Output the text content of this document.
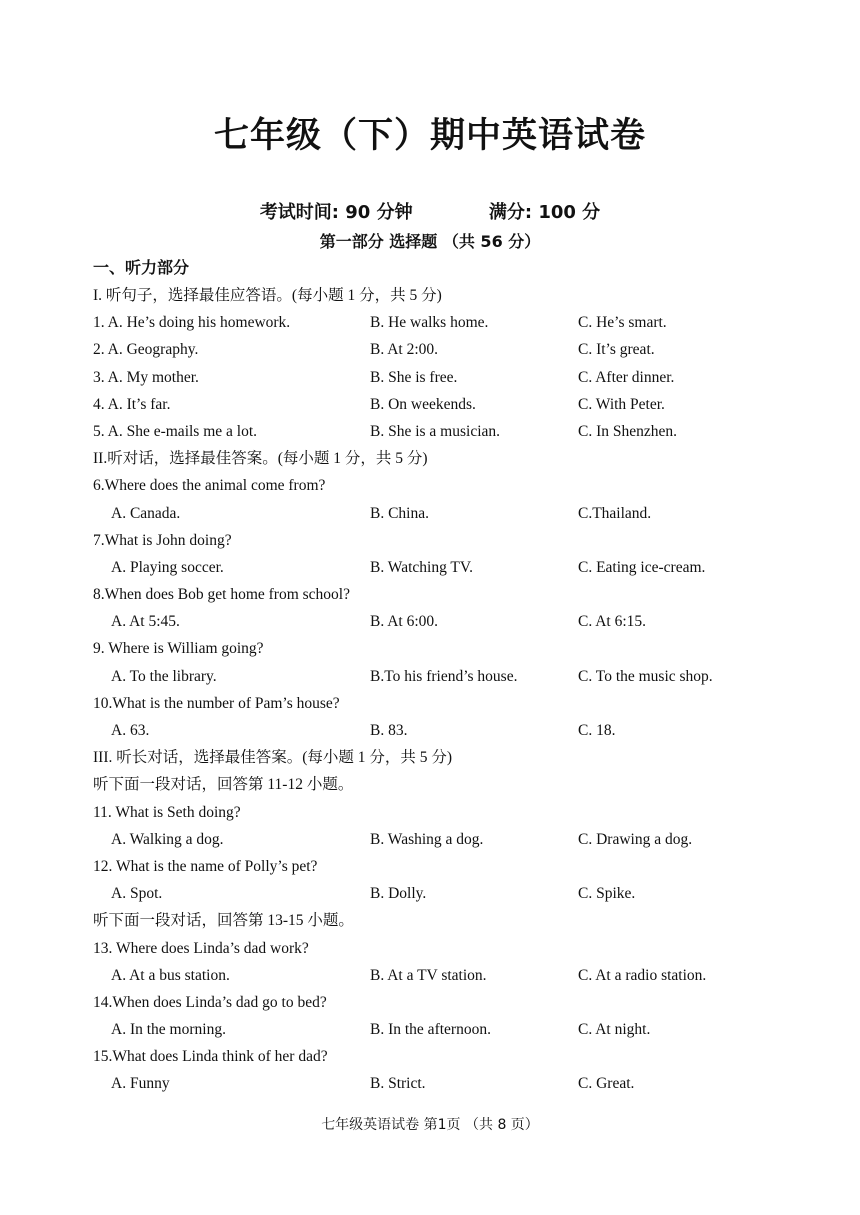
七年级（下）期中英语试卷
考试时间: 90 分钟	满分: 100 分
第一部分 选择题 （共 56 分）
一、听力部分
I. 听句子，选择最佳应答语。(每小题 1 分，共 5 分)
1. A. He’s doing his homework.	B. He walks home.	C. He’s smart.
2. A. Geography.	B. At 2:00.	C. It’s great.
3. A. My mother.	B. She is free.	C. After dinner.
4. A. It’s far.	B. On weekends.	C. With Peter.
5. A. She e-mails me a lot.	B. She is a musician.	C. In Shenzhen.
II.听对话，选择最佳答案。(每小题 1 分，共 5 分)
6.Where does the animal come from?
A. Canada.	B. China.	C.Thailand.
7.What is John doing?
A. Playing soccer.	B. Watching TV.	C. Eating ice-cream.
8.When does Bob get home from school?
A. At 5:45.	B. At 6:00.	C. At 6:15.
9. Where is William going?
A. To the library.	B.To his friend’s house.	C. To the music shop.
10.What is the number of Pam’s house?
A. 63.	B. 83.	C. 18.
III. 听长对话，选择最佳答案。(每小题 1 分，共 5 分)
听下面一段对话，回答第 11-12 小题。
11. What is Seth doing?
A. Walking a dog.	B. Washing a dog.	C. Drawing a dog.
12. What is the name of Polly’s pet?
A. Spot.	B. Dolly.	C. Spike.
听下面一段对话，回答第 13-15 小题。
13. Where does Linda’s dad work?
A. At a bus station.	B. At a TV station.	C. At a radio station.
14.When does Linda’s dad go to bed?
A. In the morning.	B. In the afternoon.	C. At night.
15.What does Linda think of her dad?
A. Funny	B. Strict.	C. Great.
七年级英语试卷 第1页 （共 8 页）
